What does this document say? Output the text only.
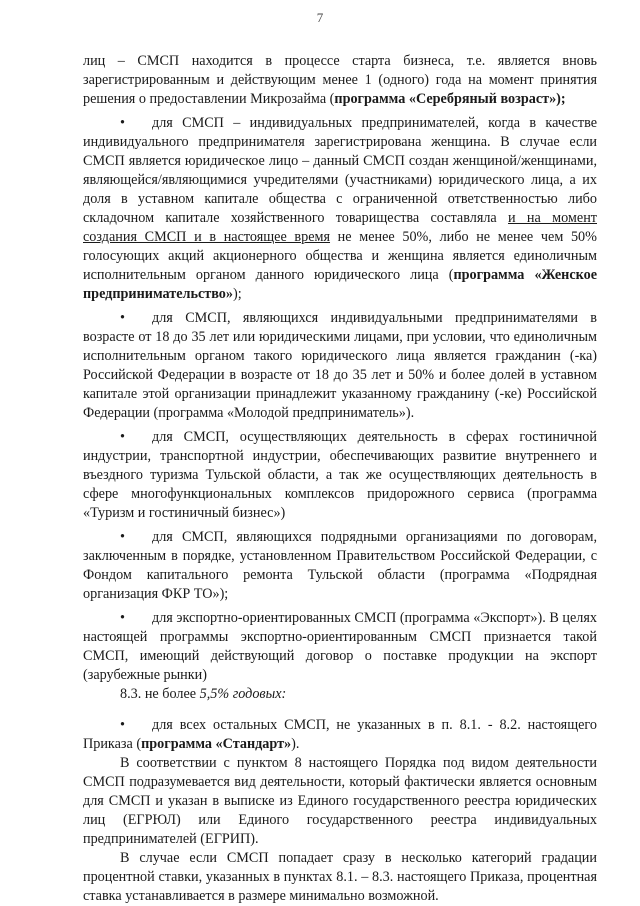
7

лиц – СМСП находится в процессе старта бизнеса, т.е. является вновь зарегистрированным и действующим менее 1 (одного) года на момент принятия решения о предоставлении Микрозайма (программа «Серебряный возраст»);

• для СМСП – индивидуальных предпринимателей, когда в качестве индивидуального предпринимателя зарегистрирована женщина. В случае если СМСП является юридическое лицо – данный СМСП создан женщиной/женщинами, являющейся/являющимися учредителями (участниками) юридического лица, а их доля в уставном капитале общества с ограниченной ответственностью либо складочном капитале хозяйственного товарищества составляла и на момент создания СМСП и в настоящее время не менее 50%, либо не менее чем 50% голосующих акций акционерного общества и женщина является единоличным исполнительным органом данного юридического лица (программа «Женское предпринимательство»);

• для СМСП, являющихся индивидуальными предпринимателями в возрасте от 18 до 35 лет или юридическими лицами, при условии, что единоличным исполнительным органом такого юридического лица является гражданин (-ка) Российской Федерации в возрасте от 18 до 35 лет и 50% и более долей в уставном капитале этой организации принадлежит указанному гражданину (-ке) Российской Федерации (программа «Молодой предприниматель»).

• для СМСП, осуществляющих деятельность в сферах гостиничной индустрии, транспортной индустрии, обеспечивающих развитие внутреннего и въездного туризма Тульской области, а так же осуществляющих деятельность в сфере многофункциональных комплексов придорожного сервиса (программа «Туризм и гостиничный бизнес»)

• для СМСП, являющихся подрядными организациями по договорам, заключенным в порядке, установленном Правительством Российской Федерации, с Фондом капитального ремонта Тульской области (программа «Подрядная организация ФКР ТО»);

• для экспортно-ориентированных СМСП (программа «Экспорт»). В целях настоящей программы экспортно-ориентированным СМСП признается такой СМСП, имеющий действующий договор о поставке продукции на экспорт (зарубежные рынки)

8.3. не более 5,5% годовых:

• для всех остальных СМСП, не указанных в п. 8.1. - 8.2. настоящего Приказа (программа «Стандарт»).

В соответствии с пунктом 8 настоящего Порядка под видом деятельности СМСП подразумевается вид деятельности, который фактически является основным для СМСП и указан в выписке из Единого государственного реестра юридических лиц (ЕГРЮЛ) или Единого государственного реестра индивидуальных предпринимателей (ЕГРИП).

В случае если СМСП попадает сразу в несколько категорий градации процентной ставки, указанных в пунктах 8.1. – 8.3. настоящего Приказа, процентная ставка устанавливается в размере минимально возможной.
